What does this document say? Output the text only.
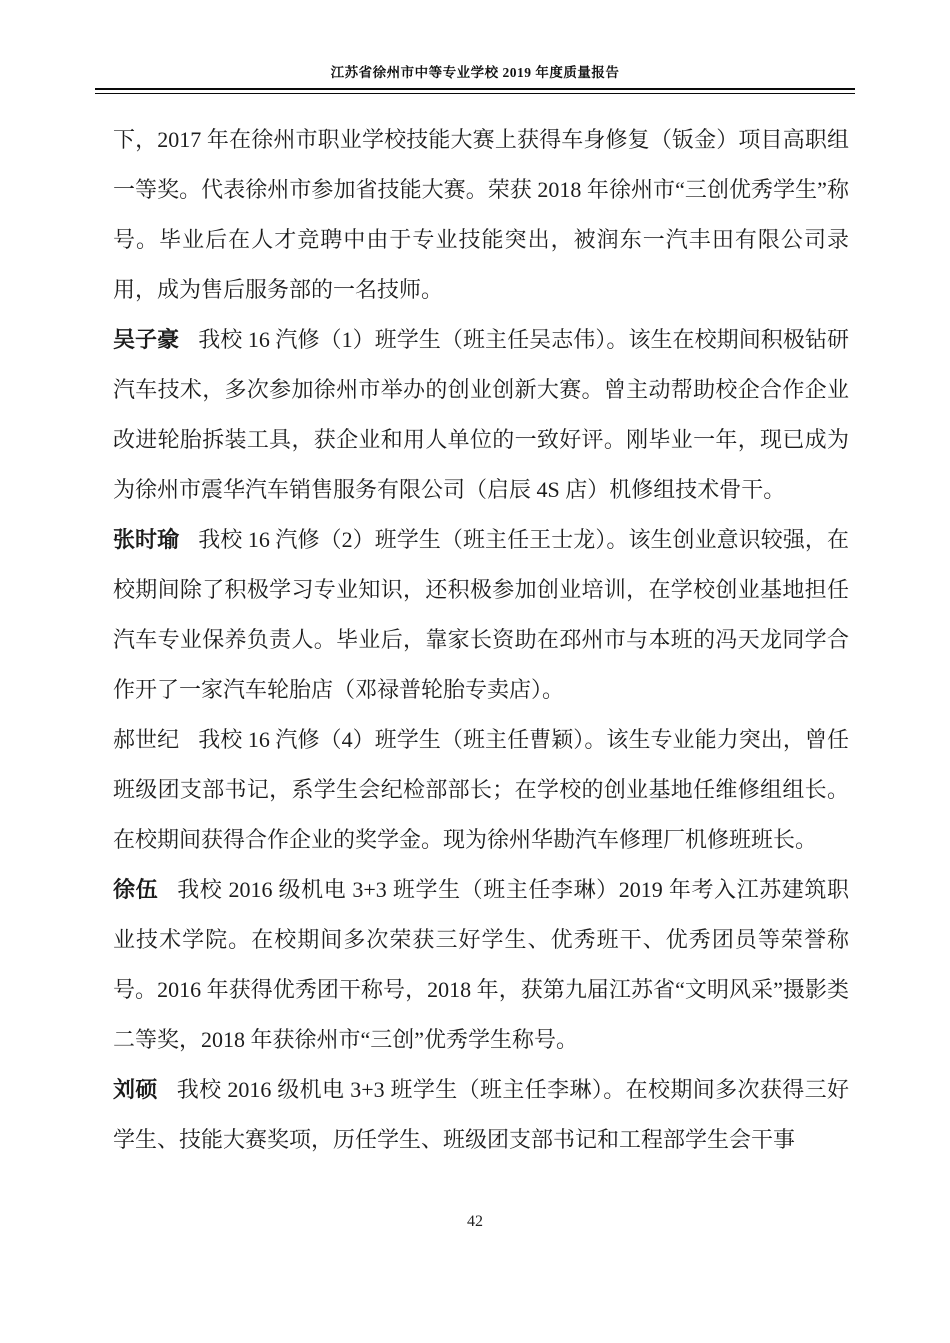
江苏省徐州市中等专业学校 2019 年度质量报告

下，2017 年在徐州市职业学校技能大赛上获得车身修复（钣金）项目高职组一等奖。代表徐州市参加省技能大赛。荣获 2018 年徐州市“三创优秀学生”称号。毕业后在人才竞聘中由于专业技能突出，被润东一汽丰田有限公司录用，成为售后服务部的一名技师。

吴子豪 我校 16 汽修（1）班学生（班主任吴志伟）。该生在校期间积极钻研汽车技术，多次参加徐州市举办的创业创新大赛。曾主动帮助校企合作企业改进轮胎拆装工具，获企业和用人单位的一致好评。刚毕业一年，现已成为为徐州市震华汽车销售服务有限公司（启辰 4S 店）机修组技术骨干。

张时瑜 我校 16 汽修（2）班学生（班主任王士龙）。该生创业意识较强，在校期间除了积极学习专业知识，还积极参加创业培训，在学校创业基地担任汽车专业保养负责人。毕业后，靠家长资助在邳州市与本班的冯天龙同学合作开了一家汽车轮胎店（邓禄普轮胎专卖店）。

郝世纪 我校 16 汽修（4）班学生（班主任曹颖）。该生专业能力突出，曾任班级团支部书记，系学生会纪检部部长；在学校的创业基地任维修组组长。在校期间获得合作企业的奖学金。现为徐州华勘汽车修理厂机修班班长。

徐伍 我校 2016 级机电 3+3 班学生（班主任李琳）2019 年考入江苏建筑职业技术学院。在校期间多次荣获三好学生、优秀班干、优秀团员等荣誉称号。2016 年获得优秀团干称号，2018 年，获第九届江苏省“文明风采”摄影类二等奖，2018 年获徐州市“三创”优秀学生称号。

刘硕 我校 2016 级机电 3+3 班学生（班主任李琳）。在校期间多次获得三好学生、技能大赛奖项，历任学生、班级团支部书记和工程部学生会干事

42
